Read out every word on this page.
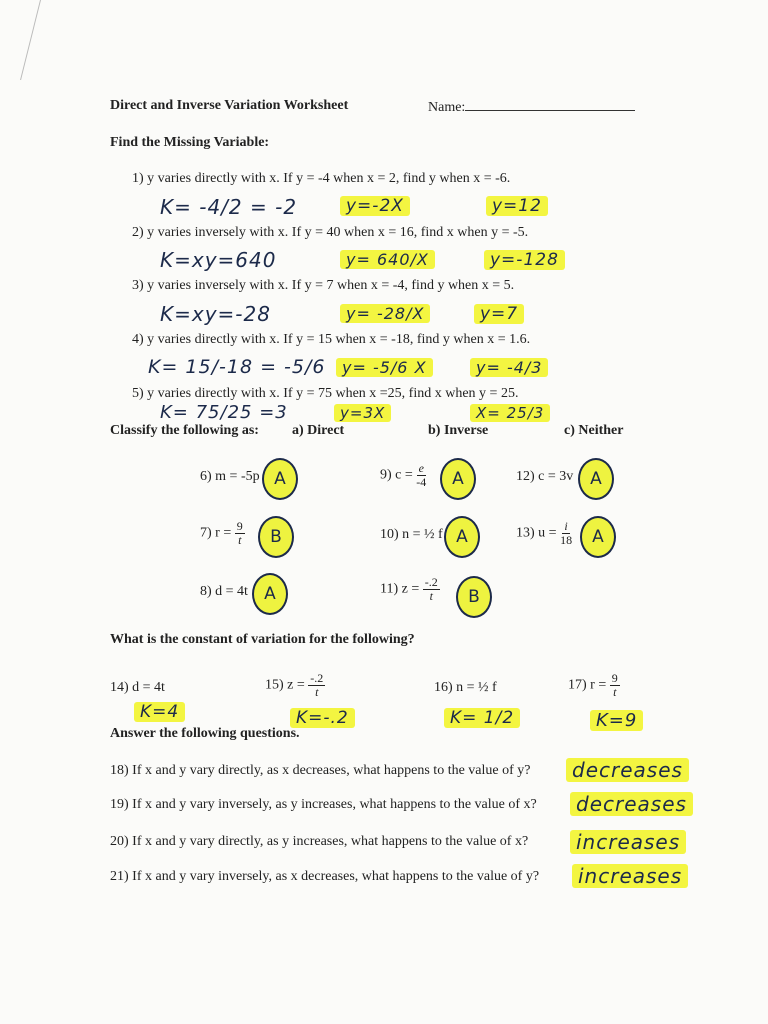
Direct and Inverse Variation Worksheet	Name:
Find the Missing Variable:
1) y varies directly with x. If y = -4 when x = 2, find y when x = -6.
K= -4/2 = -2	y=-2X	y=12
2) y varies inversely with x. If y = 40 when x = 16, find x when y = -5.
K=xy=640	y= 640/X	y=-128
3) y varies inversely with x. If y = 7 when x = -4, find y when x = 5.
K=xy=-28	y= -28/X	y=7
4) y varies directly with x. If y = 15 when x = -18, find y when x = 1.6.
K= 15/-18 = -5/6	y= -5/6 X	y= -4/3
5) y varies directly with x. If y = 75 when x =25, find x when y = 25.
K= 75/25 =3	y=3X	X= 25/3
Classify the following as: a) Direct	b) Inverse	c) Neither
6) m = -5p A	9) $c = \frac{e}{-4}$	A	12) c = 3v A
7) $r = \frac{9}{t}$	B	10) n = ½ f A	13) $u = \frac{i}{18}$	A
8) d = 4t A	11) $z = \frac{-.2}{t}$	B
What is the constant of variation for the following?
14) d = 4t
K=4
15) $z = \frac{-.2}{t}$
K=-.2
16) n = ½ f
K= 1/2
17) $r = \frac{9}{t}$
K=9
Answer the following questions.
18) If x and y vary directly, as x decreases, what happens to the value of y?	decreases
19) If x and y vary inversely, as y increases, what happens to the value of x?	decreases
20) If x and y vary directly, as y increases, what happens to the value of x?	increases
21) If x and y vary inversely, as x decreases, what happens to the value of y?	increases
